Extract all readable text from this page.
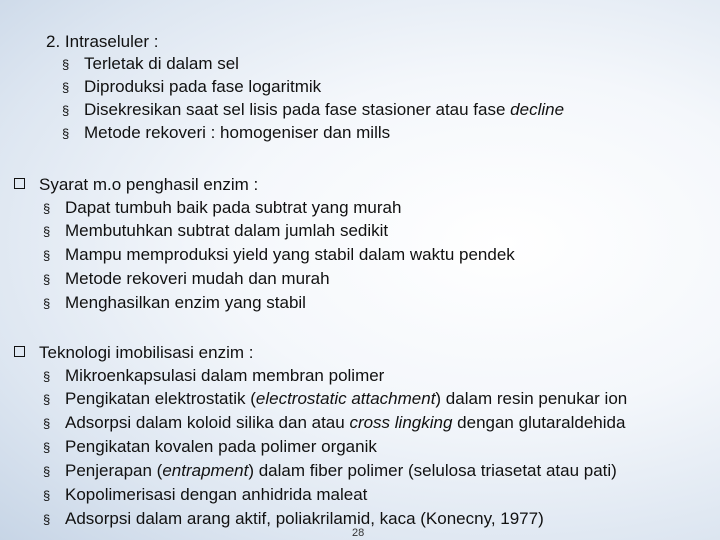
2. Intraseluler :
§ Terletak di dalam sel
§ Diproduksi pada fase logaritmik
§ Disekresikan saat sel lisis pada fase stasioner atau fase decline
§ Metode rekoveri : homogeniser dan mills
Syarat m.o penghasil enzim :
§ Dapat tumbuh baik pada subtrat yang murah
§ Membutuhkan subtrat dalam jumlah sedikit
§ Mampu memproduksi yield yang stabil dalam waktu pendek
§ Metode rekoveri mudah dan murah
§ Menghasilkan enzim yang stabil
Teknologi imobilisasi enzim :
§ Mikroenkapsulasi dalam membran polimer
§ Pengikatan elektrostatik (electrostatic attachment) dalam resin penukar ion
§ Adsorpsi dalam koloid silika dan atau cross lingking dengan glutaraldehida
§ Pengikatan kovalen pada polimer organik
§ Penjerapan (entrapment) dalam fiber polimer (selulosa triasetat atau pati)
§ Kopolimerisasi dengan anhidrida maleat
§ Adsorpsi dalam arang aktif, poliakrilamid, kaca (Konecny, 1977)
28
